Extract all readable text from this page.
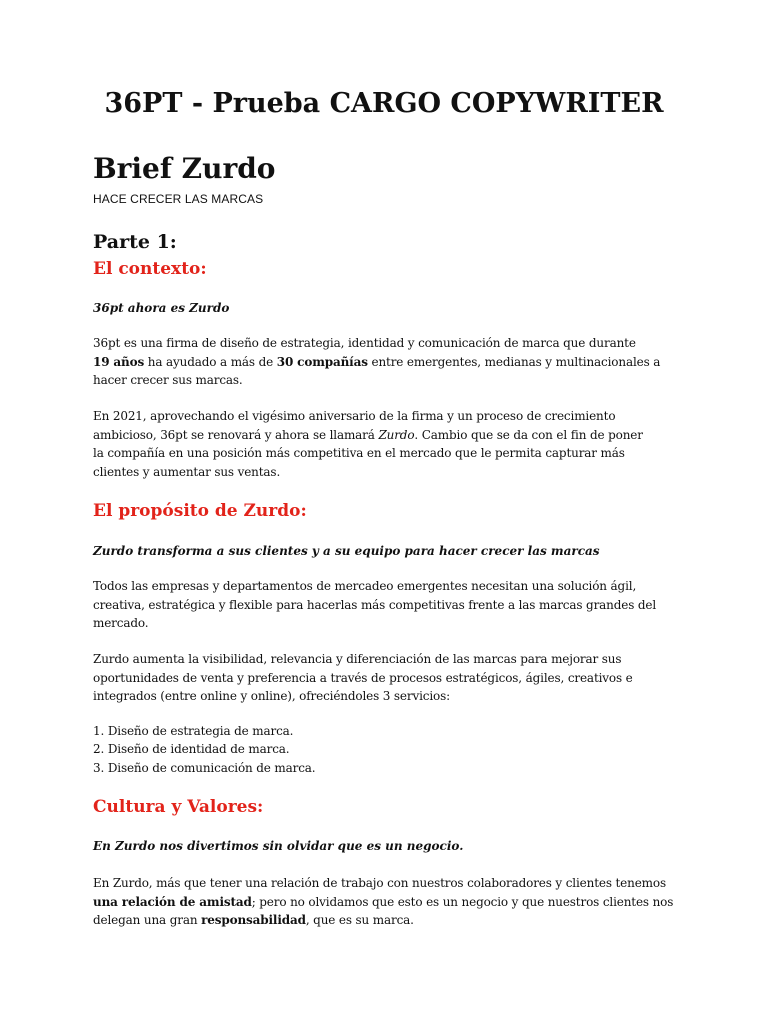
36PT - Prueba CARGO COPYWRITER
Brief Zurdo
HACE CRECER LAS MARCAS
Parte 1:
El contexto:
36pt ahora es Zurdo
36pt es una firma de diseño de estrategia, identidad y comunicación de marca que durante
19 años ha ayudado a más de 30 compañías entre emergentes, medianas y multinacionales a
hacer crecer sus marcas.
En 2021, aprovechando el vigésimo aniversario de la firma y un proceso de crecimiento
ambicioso, 36pt se renovará y ahora se llamará Zurdo. Cambio que se da con el fin de poner
la compañía en una posición más competitiva en el mercado que le permita capturar más
clientes y aumentar sus ventas.
El propósito de Zurdo:
Zurdo transforma a sus clientes y a su equipo para hacer crecer las marcas
Todos las empresas y departamentos de mercadeo emergentes necesitan una solución ágil,
creativa, estratégica y flexible para hacerlas más competitivas frente a las marcas grandes del
mercado.
Zurdo aumenta la visibilidad, relevancia y diferenciación de las marcas para mejorar sus
oportunidades de venta y preferencia a través de procesos estratégicos, ágiles, creativos e
integrados (entre online y online), ofreciéndoles 3 servicios:
1. Diseño de estrategia de marca.
2. Diseño de identidad de marca.
3. Diseño de comunicación de marca.
Cultura y Valores:
En Zurdo nos divertimos sin olvidar que es un negocio.
En Zurdo, más que tener una relación de trabajo con nuestros colaboradores y clientes tenemos
una relación de amistad; pero no olvidamos que esto es un negocio y que nuestros clientes nos
delegan una gran responsabilidad, que es su marca.
